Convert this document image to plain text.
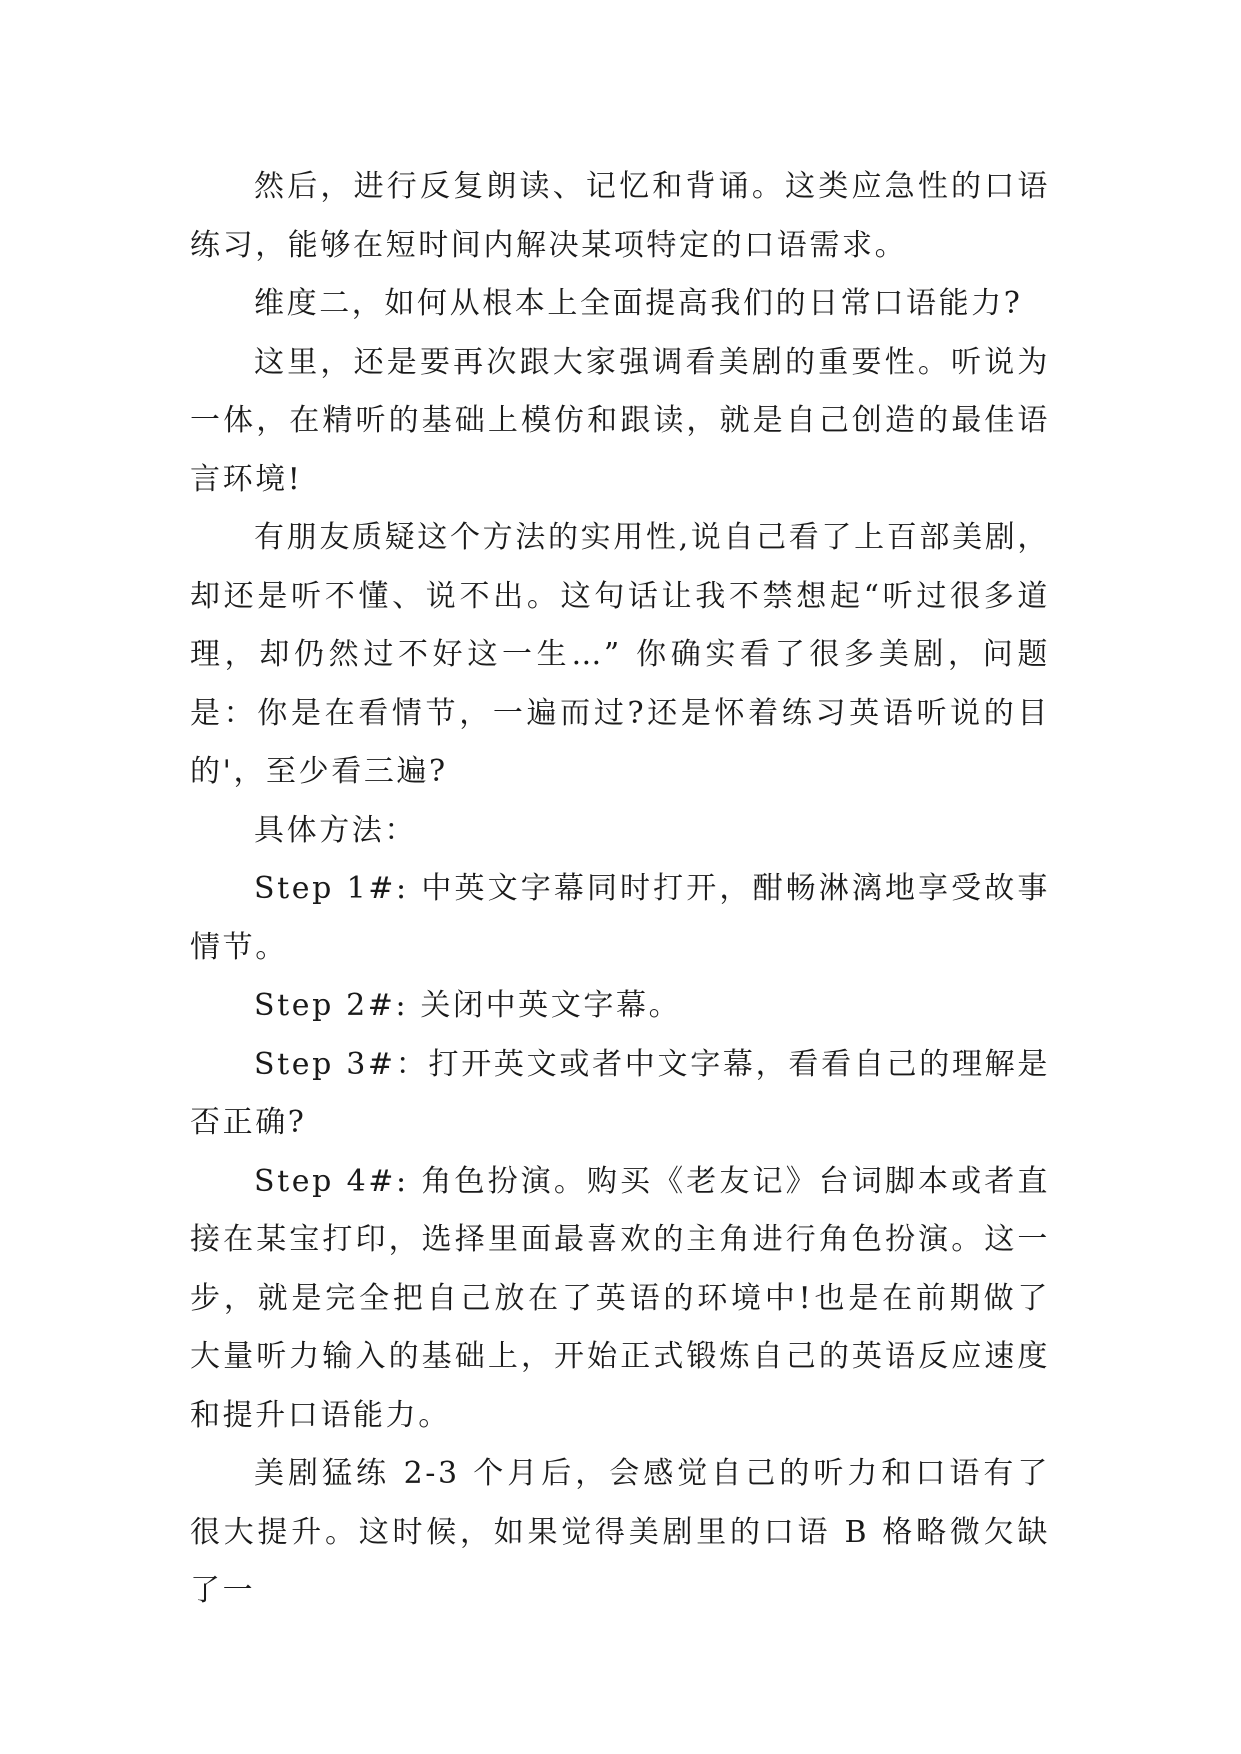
然后，进行反复朗读、记忆和背诵。这类应急性的口语练习，能够在短时间内解决某项特定的口语需求。

维度二，如何从根本上全面提高我们的日常口语能力?

这里，还是要再次跟大家强调看美剧的重要性。听说为一体，在精听的基础上模仿和跟读，就是自己创造的最佳语言环境!

有朋友质疑这个方法的实用性,说自己看了上百部美剧，却还是听不懂、说不出。这句话让我不禁想起“听过很多道理，却仍然过不好这一生…” 你确实看了很多美剧，问题是：你是在看情节，一遍而过?还是怀着练习英语听说的目的'，至少看三遍?

具体方法：

Step 1#: 中英文字幕同时打开，酣畅淋漓地享受故事情节。

Step 2#: 关闭中英文字幕。

Step 3#：打开英文或者中文字幕，看看自己的理解是否正确?

Step 4#: 角色扮演。购买《老友记》台词脚本或者直接在某宝打印，选择里面最喜欢的主角进行角色扮演。这一步，就是完全把自己放在了英语的环境中!也是在前期做了大量听力输入的基础上，开始正式锻炼自己的英语反应速度和提升口语能力。

美剧猛练 2-3 个月后，会感觉自己的听力和口语有了很大提升。这时候，如果觉得美剧里的口语 B 格略微欠缺了一
